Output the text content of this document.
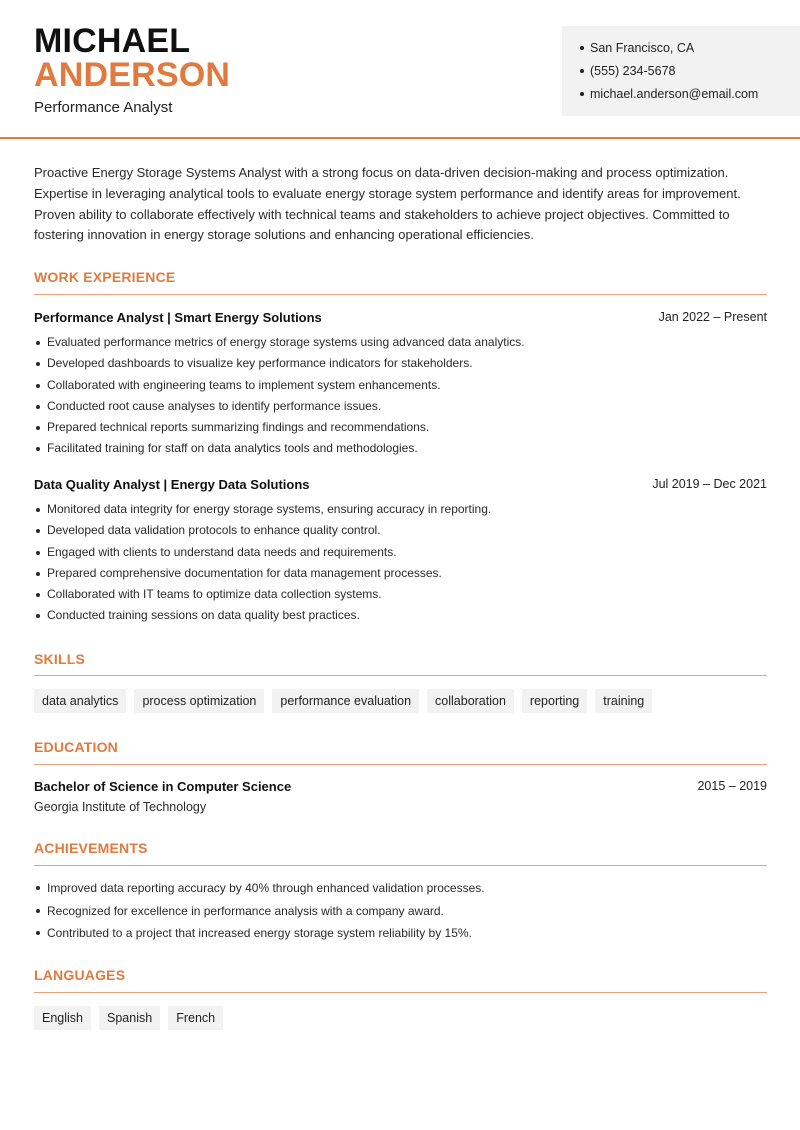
MICHAEL
ANDERSON
Performance Analyst
San Francisco, CA
(555) 234-5678
michael.anderson@email.com
Proactive Energy Storage Systems Analyst with a strong focus on data-driven decision-making and process optimization. Expertise in leveraging analytical tools to evaluate energy storage system performance and identify areas for improvement. Proven ability to collaborate effectively with technical teams and stakeholders to achieve project objectives. Committed to fostering innovation in energy storage solutions and enhancing operational efficiencies.
WORK EXPERIENCE
Performance Analyst | Smart Energy Solutions	Jan 2022 – Present
Evaluated performance metrics of energy storage systems using advanced data analytics.
Developed dashboards to visualize key performance indicators for stakeholders.
Collaborated with engineering teams to implement system enhancements.
Conducted root cause analyses to identify performance issues.
Prepared technical reports summarizing findings and recommendations.
Facilitated training for staff on data analytics tools and methodologies.
Data Quality Analyst | Energy Data Solutions	Jul 2019 – Dec 2021
Monitored data integrity for energy storage systems, ensuring accuracy in reporting.
Developed data validation protocols to enhance quality control.
Engaged with clients to understand data needs and requirements.
Prepared comprehensive documentation for data management processes.
Collaborated with IT teams to optimize data collection systems.
Conducted training sessions on data quality best practices.
SKILLS
data analytics	process optimization	performance evaluation	collaboration	reporting	training
EDUCATION
Bachelor of Science in Computer Science	2015 – 2019
Georgia Institute of Technology
ACHIEVEMENTS
Improved data reporting accuracy by 40% through enhanced validation processes.
Recognized for excellence in performance analysis with a company award.
Contributed to a project that increased energy storage system reliability by 15%.
LANGUAGES
English	Spanish	French
